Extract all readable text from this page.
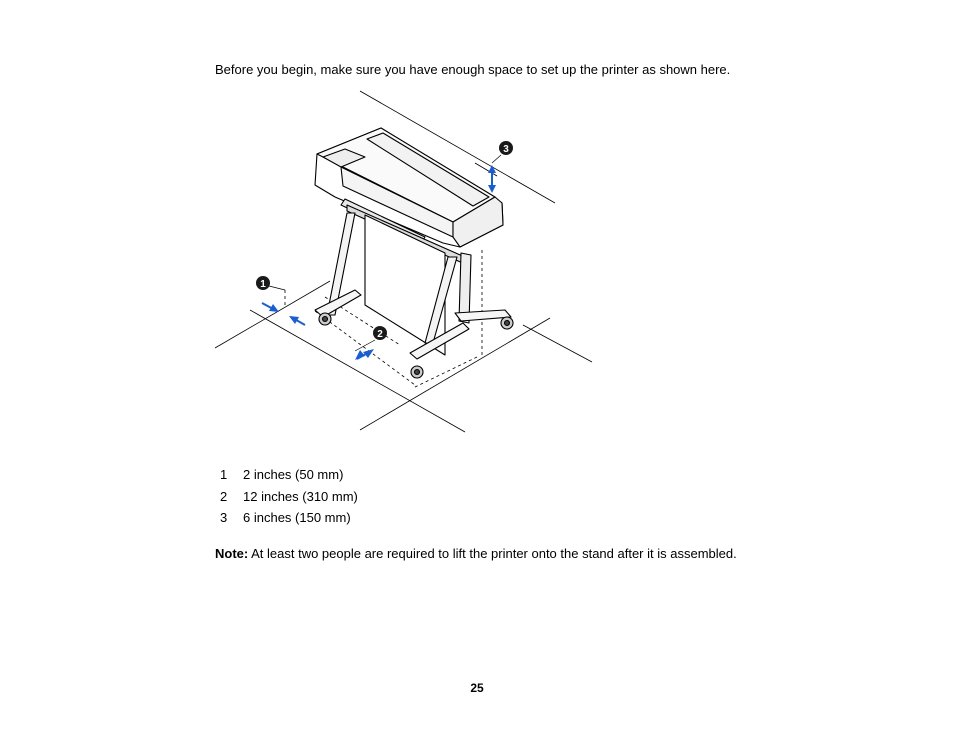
Before you begin, make sure you have enough space to set up the printer as shown here.
1
2
3
1 2 inches (50 mm)
2 12 inches (310 mm)
3 6 inches (150 mm)
Note: At least two people are required to lift the printer onto the stand after it is assembled.
25
